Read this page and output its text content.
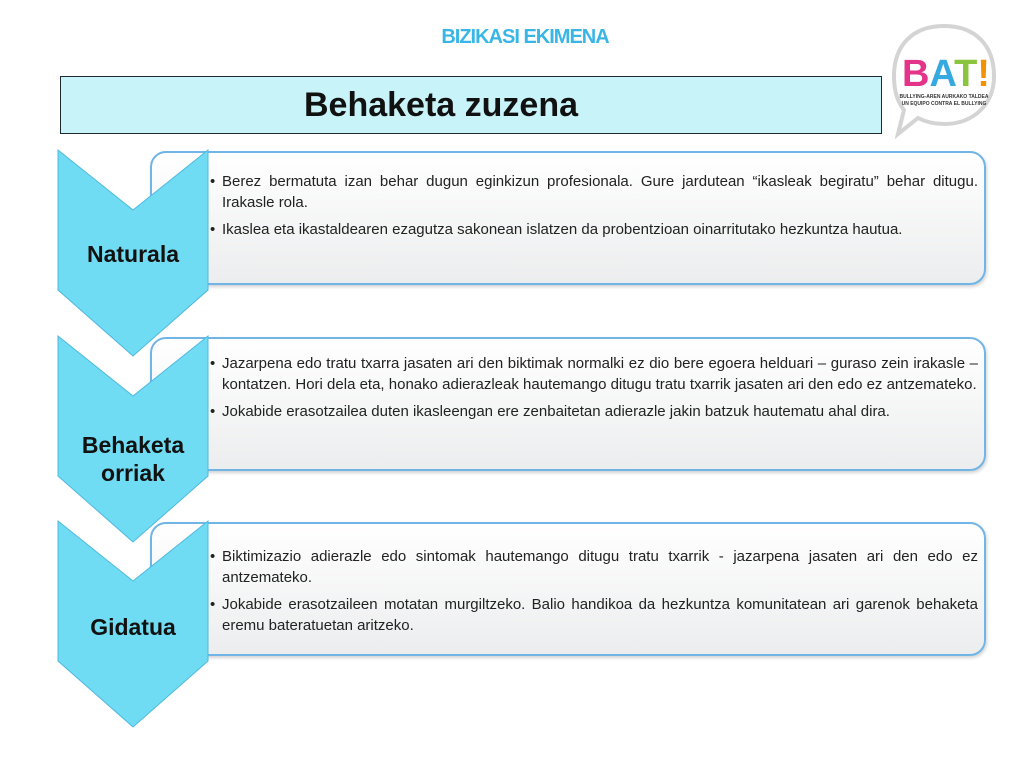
BIZIKASI EKIMENA
Behaketa zuzena
BAT!
BULLYING-AREN AURKAKO TALDEA
UN EQUIPO CONTRA EL BULLYING
• Berez bermatuta izan behar dugun eginkizun profesionala. Gure jardutean “ikasleak begiratu” behar ditugu. Irakasle rola.
• Ikaslea eta ikastaldearen ezagutza sakonean islatzen da probentzioan oinarritutako hezkuntza hautua.
Naturala
• Jazarpena edo tratu txarra jasaten ari den biktimak normalki ez dio bere egoera helduari – guraso zein irakasle – kontatzen. Hori dela eta, honako adierazleak hautemango ditugu tratu txarrik jasaten ari den edo ez antzemateko.
• Jokabide erasotzailea duten ikasleengan ere zenbaitetan adierazle jakin batzuk hautematu ahal dira.
Behaketa orriak
• Biktimizazio adierazle edo sintomak hautemango ditugu tratu txarrik - jazarpena jasaten ari den edo ez antzemateko.
• Jokabide erasotzaileen motatan murgiltzeko. Balio handikoa da hezkuntza komunitatean ari garenok behaketa eremu bateratuetan aritzeko.
Gidatua
